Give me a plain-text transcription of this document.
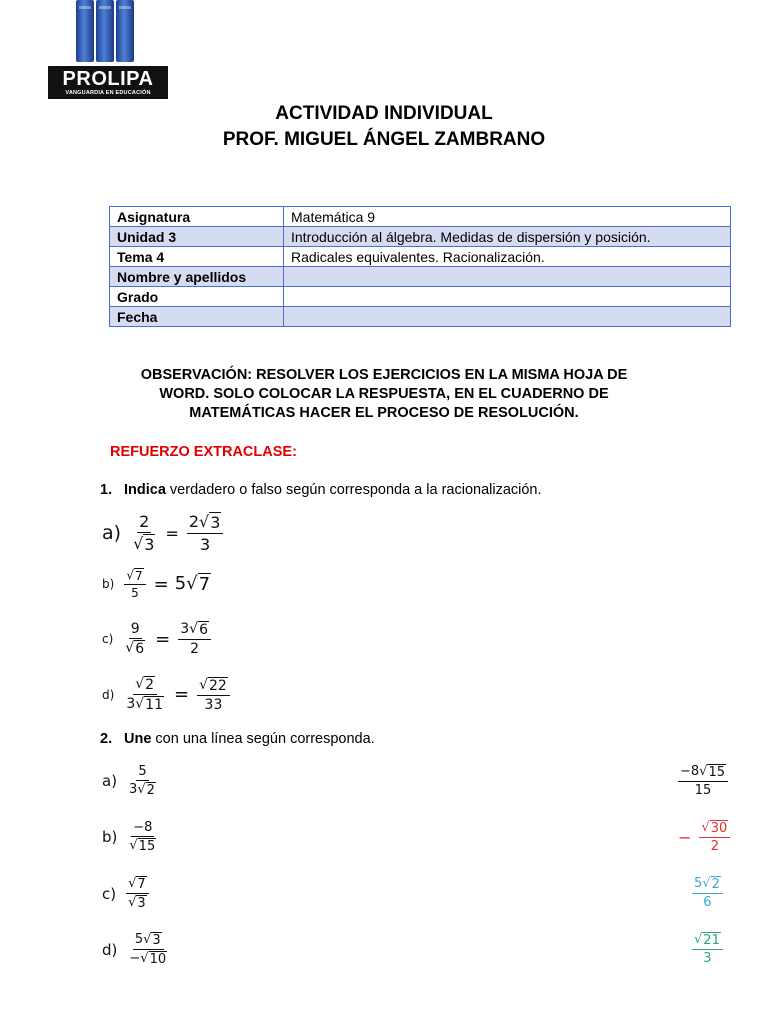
PROLIPA
VANGUARDIA EN EDUCACIÓN
ACTIVIDAD INDIVIDUAL
PROF. MIGUEL ÁNGEL ZAMBRANO
Asignatura	Matemática 9
Unidad 3	Introducción al álgebra. Medidas de dispersión y posición.
Tema 4	Radicales equivalentes. Racionalización.
Nombre y apellidos	
Grado	
Fecha	
OBSERVACIÓN: RESOLVER LOS EJERCICIOS EN LA MISMA HOJA DE
WORD. SOLO COLOCAR LA RESPUESTA, EN EL CUADERNO DE
MATEMÁTICAS HACER EL PROCESO DE RESOLUCIÓN.
REFUERZO EXTRACLASE:
1. Indica verdadero o falso según corresponda a la racionalización.
$a) \frac{2}{√ 3} = \frac{2√ 3}{3}$
$b) \frac{√ 7}{5} = 5√$ 7
$c) \frac{9}{√ 6} = \frac{3√ 6}{2}$
$d) \frac{√ 2}{3√ 11} = \frac{√ 22}{33}$
2. Une con una línea según corresponda.
$a) \frac{5}{3√ 2}$
$b) \frac{-8}{√ 15}$
$c) \frac{√ 7}{√ 3}$
$d) \frac{5√ 3}{-√ 10}$
$\frac{-8√ 15}{15}$
− $\frac{√ 30}{2}$
$\frac{5√ 2}{6}$
$\frac{√ 21}{3}$
